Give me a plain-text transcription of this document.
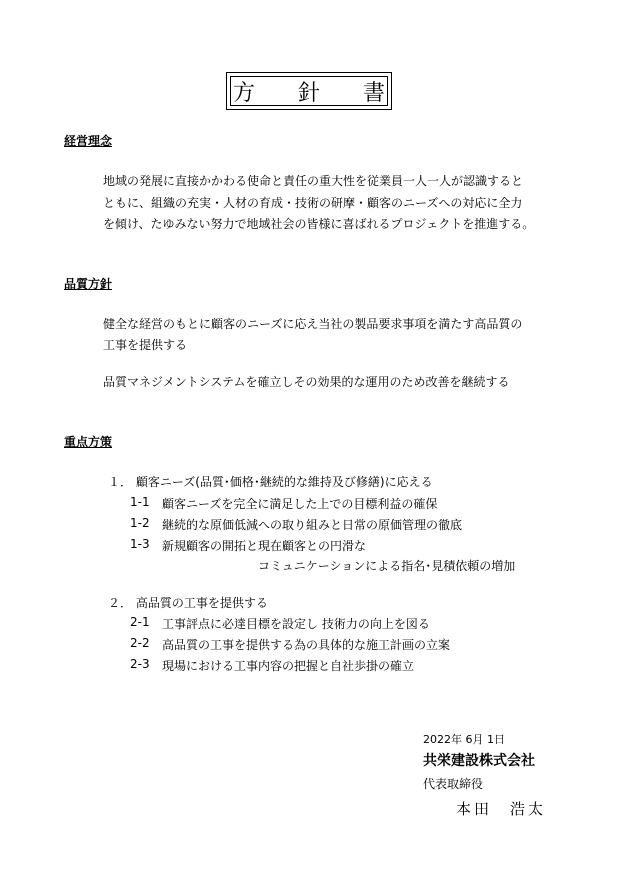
方 針 書
経営理念
地域の発展に直接かかわる使命と責任の重大性を従業員一人一人が認識すると
ともに、組織の充実・人材の育成・技術の研摩・顧客のニーズへの対応に全力
を傾け、たゆみない努力で地域社会の皆様に喜ばれるプロジェクトを推進する。
品質方針
健全な経営のもとに顧客のニーズに応え当社の製品要求事項を満たす高品質の
工事を提供する
品質マネジメントシステムを確立しその効果的な運用のため改善を継続する
重点方策
１． 顧客ニーズ(品質･価格･継続的な維持及び修繕)に応える
1-1 顧客ニーズを完全に満足した上での目標利益の確保
1-2 継続的な原価低減への取り組みと日常の原価管理の徹底
1-3 新規顧客の開拓と現在顧客との円滑な
コミュニケーションによる指名･見積依頼の増加
２． 高品質の工事を提供する
2-1 工事評点に必達目標を設定し 技術力の向上を図る
2-2 高品質の工事を提供する為の具体的な施工計画の立案
2-3 現場における工事内容の把握と自社歩掛の確立
2022年 6月 1日
共栄建設株式会社
代表取締役
本田　浩太
